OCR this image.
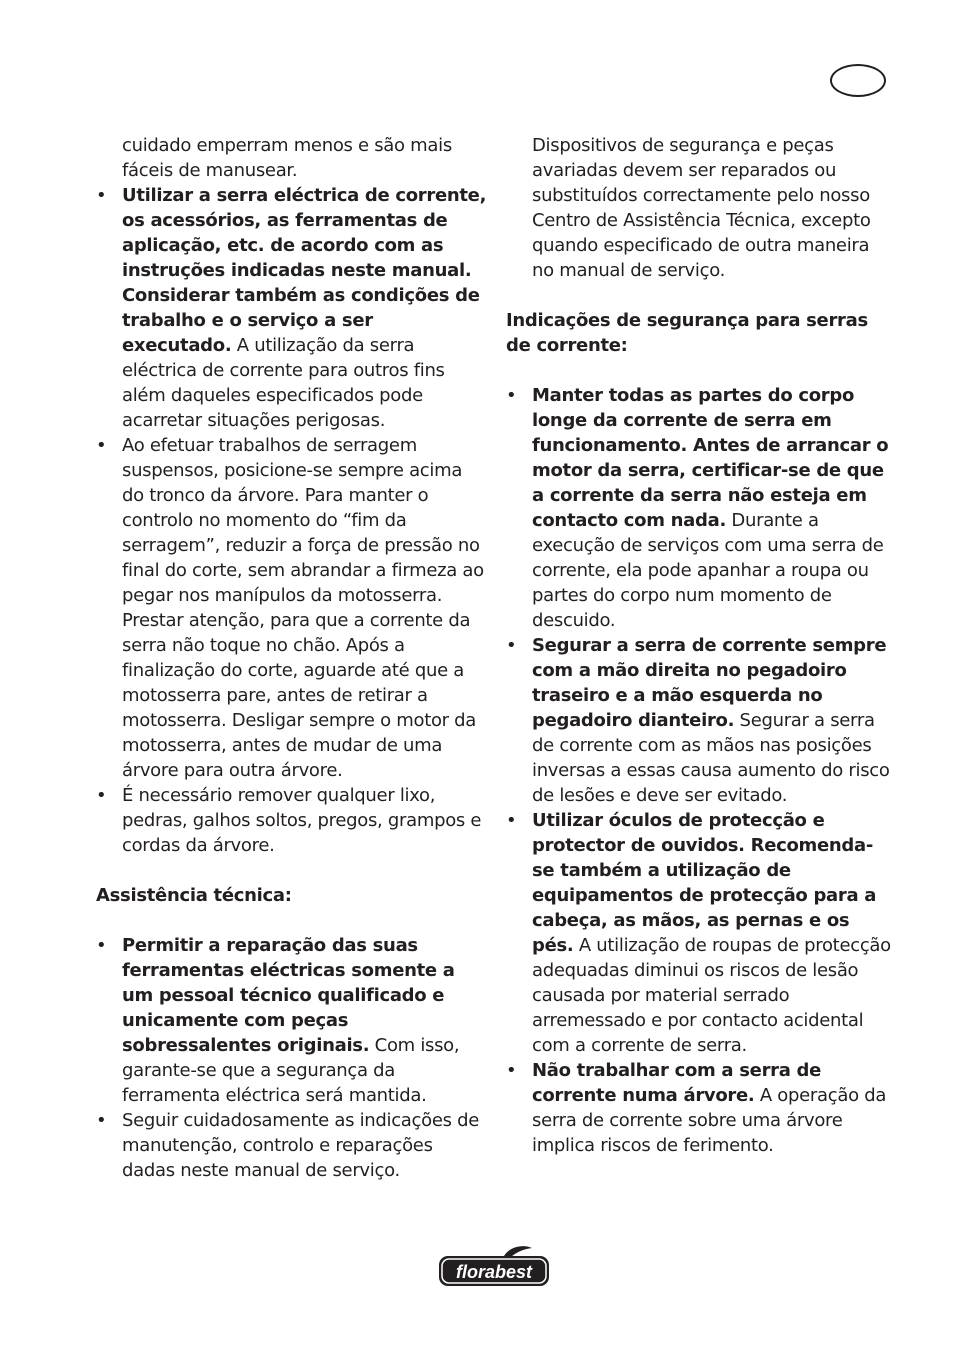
cuidado emperram menos e são mais fáceis de manusear.
• Utilizar a serra eléctrica de corrente, os acessórios, as ferramentas de aplicação, etc. de acordo com as instruções indicadas neste manual. Considerar também as condições de trabalho e o serviço a ser executado. A utilização da serra eléctrica de corrente para outros fins além daqueles especificados pode acarretar situações perigosas.
• Ao efetuar trabalhos de serragem suspensos, posicione-se sempre acima do tronco da árvore. Para manter o controlo no momento do “fim da serragem”, reduzir a força de pressão no final do corte, sem abrandar a firmeza ao pegar nos manípulos da motosserra. Prestar atenção, para que a corrente da serra não toque no chão. Após a finalização do corte, aguarde até que a motosserra pare, antes de retirar a motosserra. Desligar sempre o motor da motosserra, antes de mudar de uma árvore para outra árvore.
• É necessário remover qualquer lixo, pedras, galhos soltos, pregos, grampos e cordas da árvore.
Assistência técnica:
• Permitir a reparação das suas ferramentas eléctricas somente a um pessoal técnico qualificado e unicamente com peças sobressalentes originais. Com isso, garante-se que a segurança da ferramenta eléctrica será mantida.
• Seguir cuidadosamente as indicações de manutenção, controlo e reparações dadas neste manual de serviço.
Dispositivos de segurança e peças avariadas devem ser reparados ou substituídos correctamente pelo nosso Centro de Assistência Técnica, excepto quando especificado de outra maneira no manual de serviço.
Indicações de segurança para serras de corrente:
• Manter todas as partes do corpo longe da corrente de serra em funcionamento. Antes de arrancar o motor da serra, certificar-se de que a corrente da serra não esteja em contacto com nada. Durante a execução de serviços com uma serra de corrente, ela pode apanhar a roupa ou partes do corpo num momento de descuido.
• Segurar a serra de corrente sempre com a mão direita no pegadoiro traseiro e a mão esquerda no pegadoiro dianteiro. Segurar a serra de corrente com as mãos nas posições inversas a essas causa aumento do risco de lesões e deve ser evitado.
• Utilizar óculos de protecção e protector de ouvidos. Recomenda-se também a utilização de equipamentos de protecção para a cabeça, as mãos, as pernas e os pés. A utilização de roupas de protecção adequadas diminui os riscos de lesão causada por material serrado arremessado e por contacto acidental com a corrente de serra.
• Não trabalhar com a serra de corrente numa árvore. A operação da serra de corrente sobre uma árvore implica riscos de ferimento.
florabest
